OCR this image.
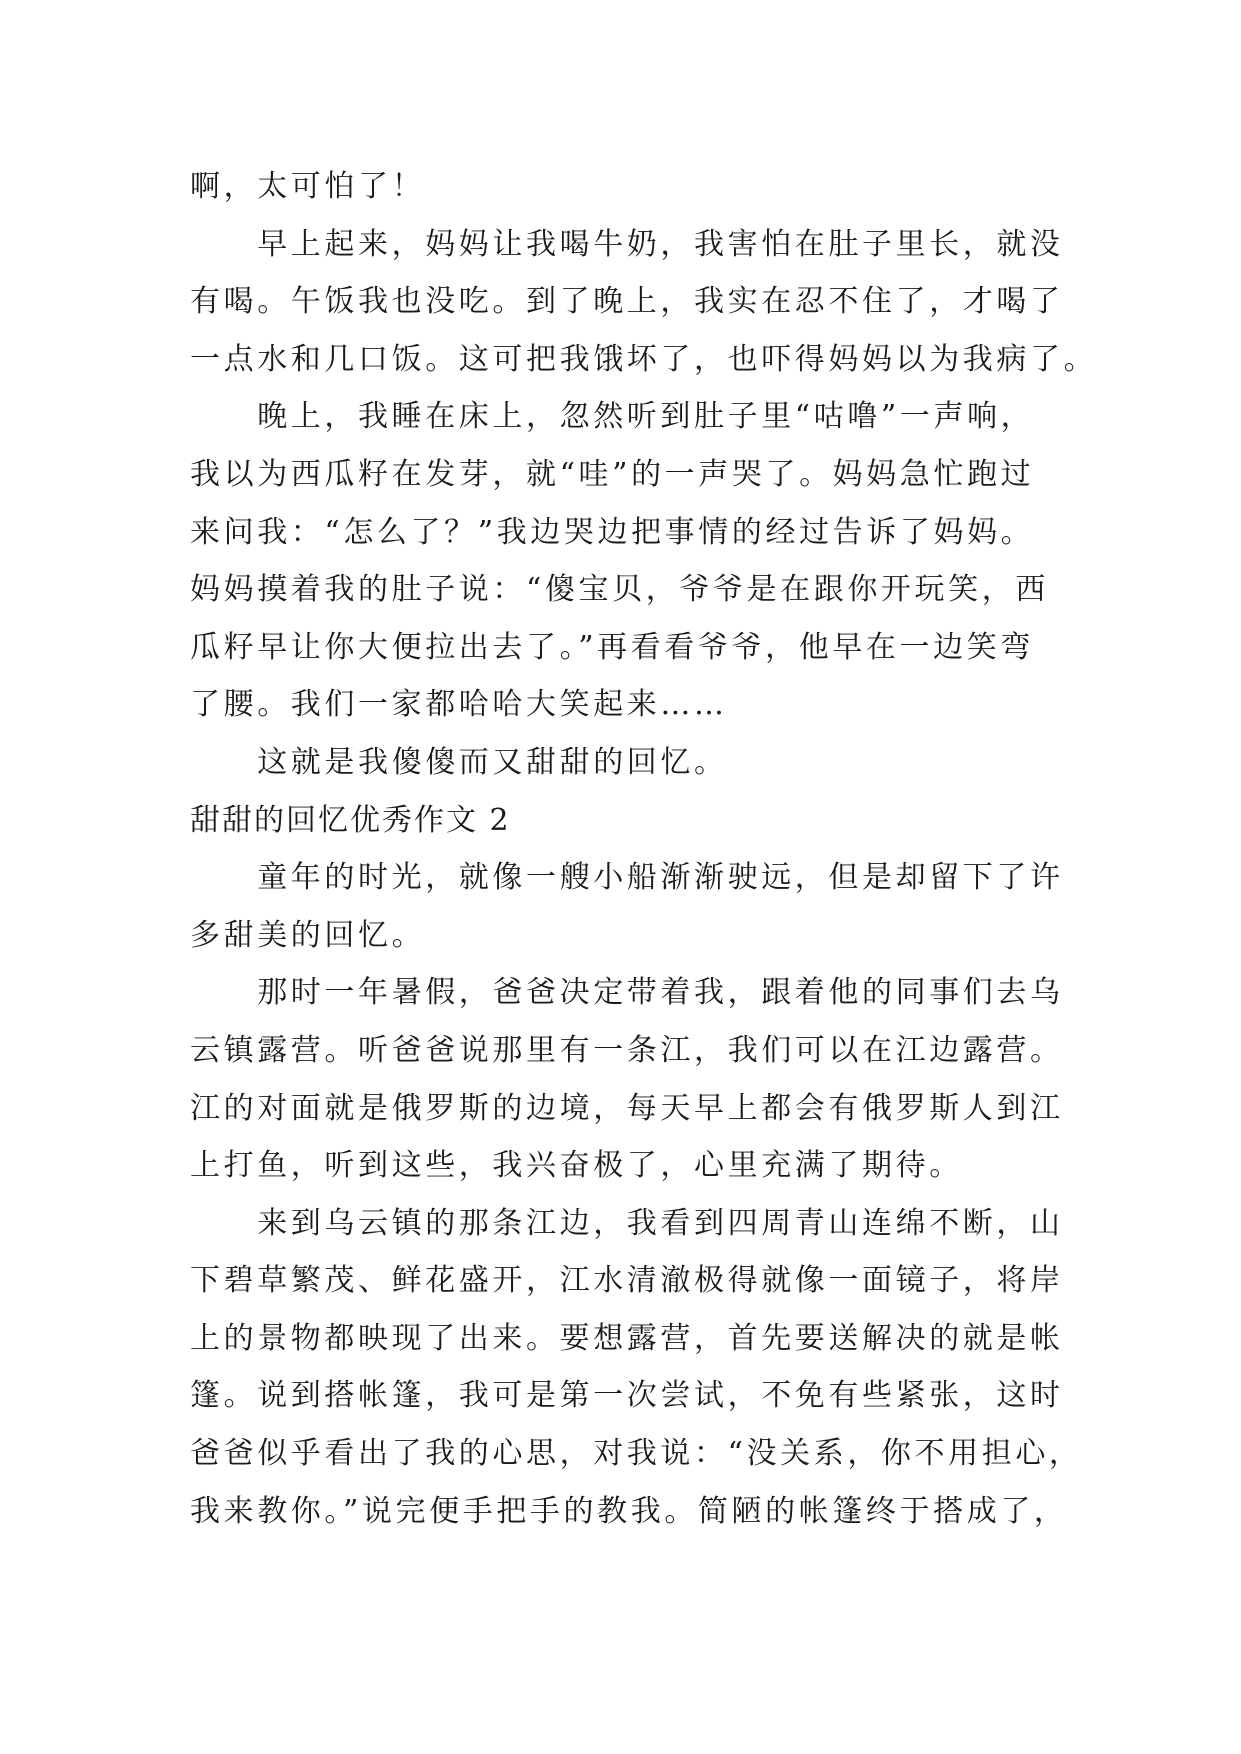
啊，太可怕了！
　　早上起来，妈妈让我喝牛奶，我害怕在肚子里长，就没
有喝。午饭我也没吃。到了晚上，我实在忍不住了，才喝了
一点水和几口饭。这可把我饿坏了，也吓得妈妈以为我病了。
　　晚上，我睡在床上，忽然听到肚子里“咕噜”一声响，
我以为西瓜籽在发芽，就“哇”的一声哭了。妈妈急忙跑过
来问我：“怎么了？”我边哭边把事情的经过告诉了妈妈。
妈妈摸着我的肚子说：“傻宝贝，爷爷是在跟你开玩笑，西
瓜籽早让你大便拉出去了。”再看看爷爷，他早在一边笑弯
了腰。我们一家都哈哈大笑起来……
　　这就是我傻傻而又甜甜的回忆。
甜甜的回忆优秀作文 2
　　童年的时光，就像一艘小船渐渐驶远，但是却留下了许
多甜美的回忆。
　　那时一年暑假，爸爸决定带着我，跟着他的同事们去乌
云镇露营。听爸爸说那里有一条江，我们可以在江边露营。
江的对面就是俄罗斯的边境，每天早上都会有俄罗斯人到江
上打鱼，听到这些，我兴奋极了，心里充满了期待。
　　来到乌云镇的那条江边，我看到四周青山连绵不断，山
下碧草繁茂、鲜花盛开，江水清澈极得就像一面镜子，将岸
上的景物都映现了出来。要想露营，首先要送解决的就是帐
篷。说到搭帐篷，我可是第一次尝试，不免有些紧张，这时
爸爸似乎看出了我的心思，对我说：“没关系，你不用担心，
我来教你。”说完便手把手的教我。简陋的帐篷终于搭成了，
